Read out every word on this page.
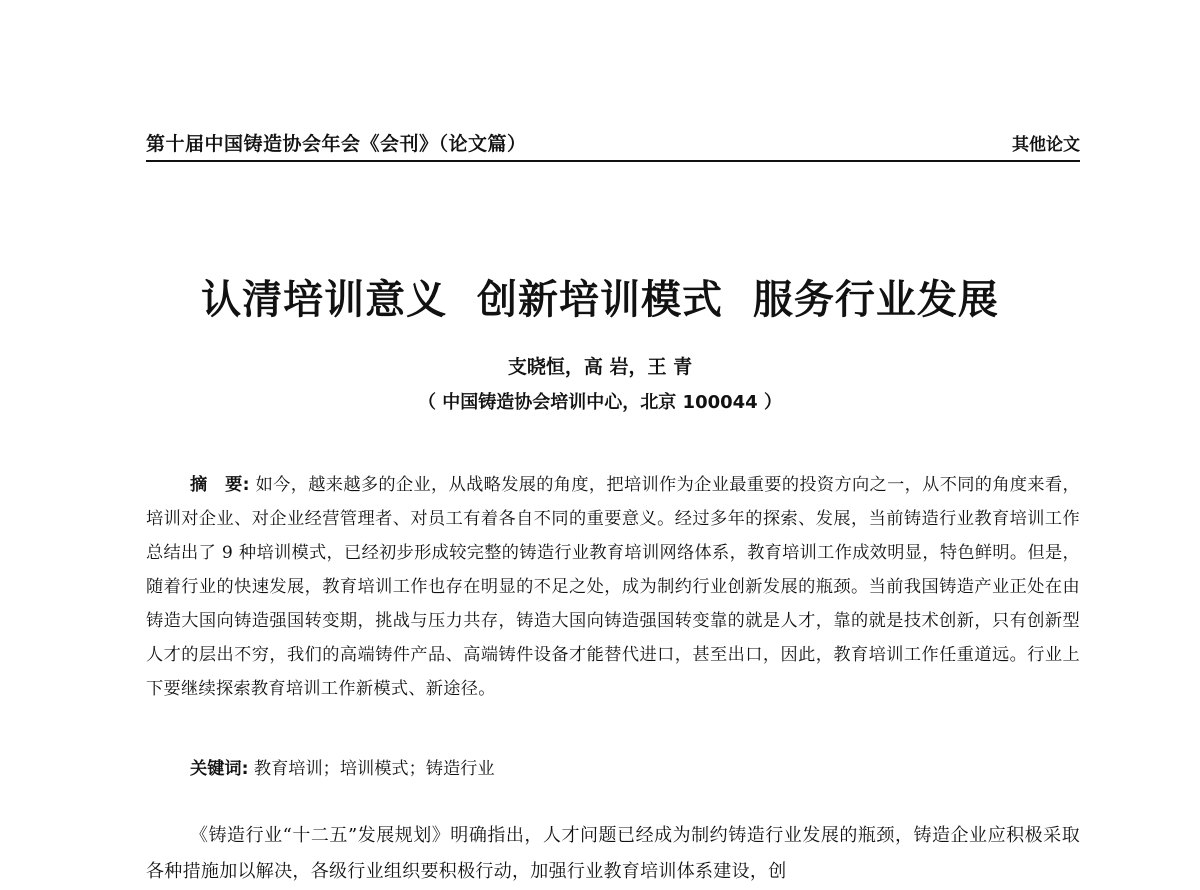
第十届中国铸造协会年会《会刊》（论文篇）	其他论文
认清培训意义  创新培训模式  服务行业发展
支晓恒，高 岩，王 青
（ 中国铸造协会培训中心，北京 100044 ）
摘　要: 如今，越来越多的企业，从战略发展的角度，把培训作为企业最重要的投资方向之一，从不同的角度来看，培训对企业、对企业经营管理者、对员工有着各自不同的重要意义。经过多年的探索、发展，当前铸造行业教育培训工作总结出了 9 种培训模式，已经初步形成较完整的铸造行业教育培训网络体系，教育培训工作成效明显，特色鲜明。但是，随着行业的快速发展，教育培训工作也存在明显的不足之处，成为制约行业创新发展的瓶颈。当前我国铸造产业正处在由铸造大国向铸造强国转变期，挑战与压力共存，铸造大国向铸造强国转变靠的就是人才，靠的就是技术创新，只有创新型人才的层出不穷，我们的高端铸件产品、高端铸件设备才能替代进口，甚至出口，因此，教育培训工作任重道远。行业上下要继续探索教育培训工作新模式、新途径。
关键词: 教育培训；培训模式；铸造行业
《铸造行业“十二五”发展规划》明确指出，人才问题已经成为制约铸造行业发展的瓶颈，铸造企业应积极采取各种措施加以解决，各级行业组织要积极行动，加强行业教育培训体系建设，创
